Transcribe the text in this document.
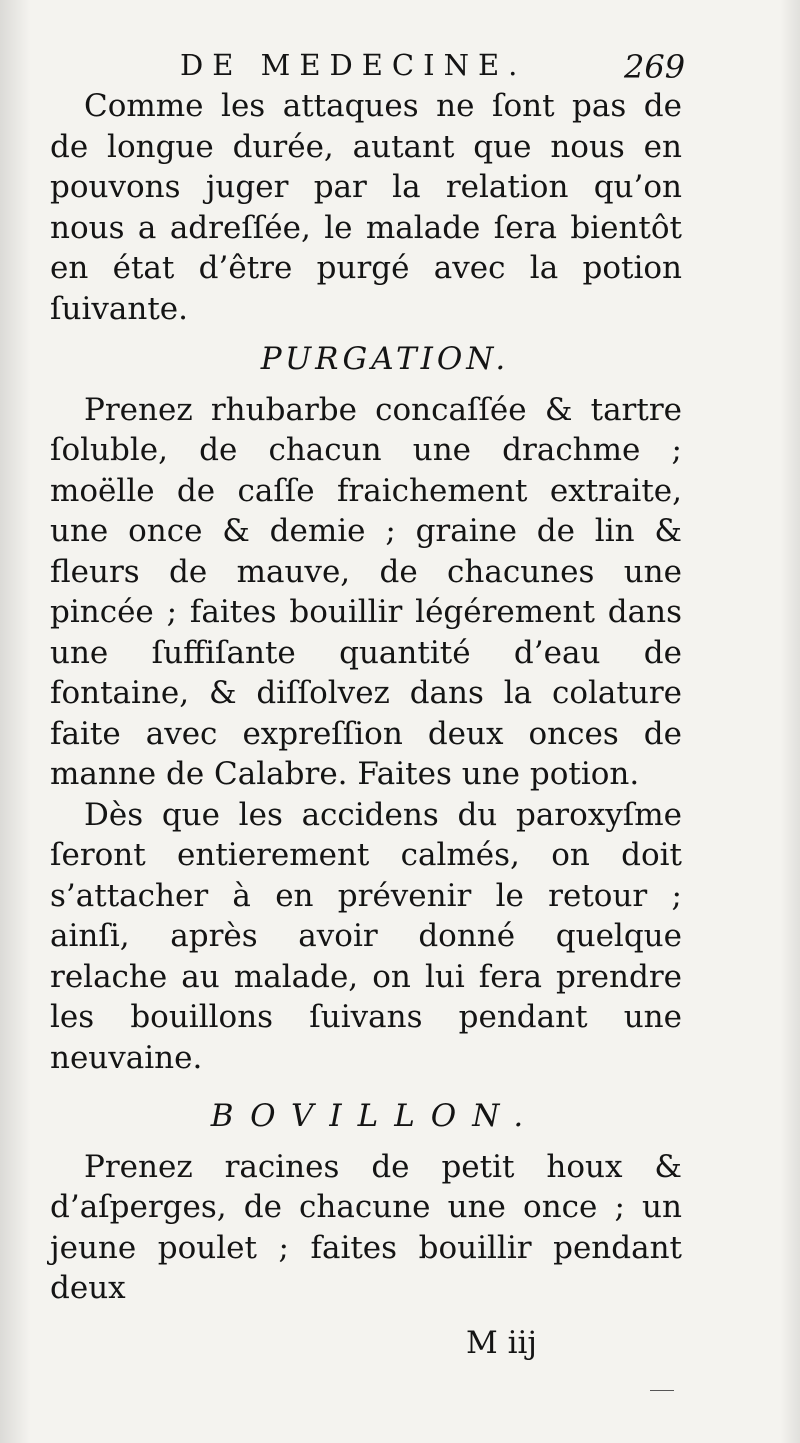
DE MEDECINE.	269

Comme les attaques ne ſont pas de de longue durée, autant que nous en pouvons juger par la relation qu’on nous a adreſſée, le malade ſera bientôt en état d’être purgé avec la potion ſuivante.

PURGATION.

Prenez rhubarbe concaſſée & tartre ſoluble, de chacun une drachme ; moëlle de caſſe fraichement extraite, une once & demie ; graine de lin & fleurs de mauve, de chacunes une pincée ; faites bouillir légérement dans une ſuffiſante quantité d’eau de fontaine, & diſſolvez dans la colature faite avec expreſſion deux onces de manne de Calabre. Faites une potion.

Dès que les accidens du paroxyſme ſeront entierement calmés, on doit s’attacher à en prévenir le retour ; ainſi, après avoir donné quelque relache au malade, on lui fera prendre les bouillons ſuivans pendant une neuvaine.

BOVILLON.

Prenez racines de petit houx & d’aſperges, de chacune une once ; un jeune poulet ; faites bouillir pendant deux

M iij
